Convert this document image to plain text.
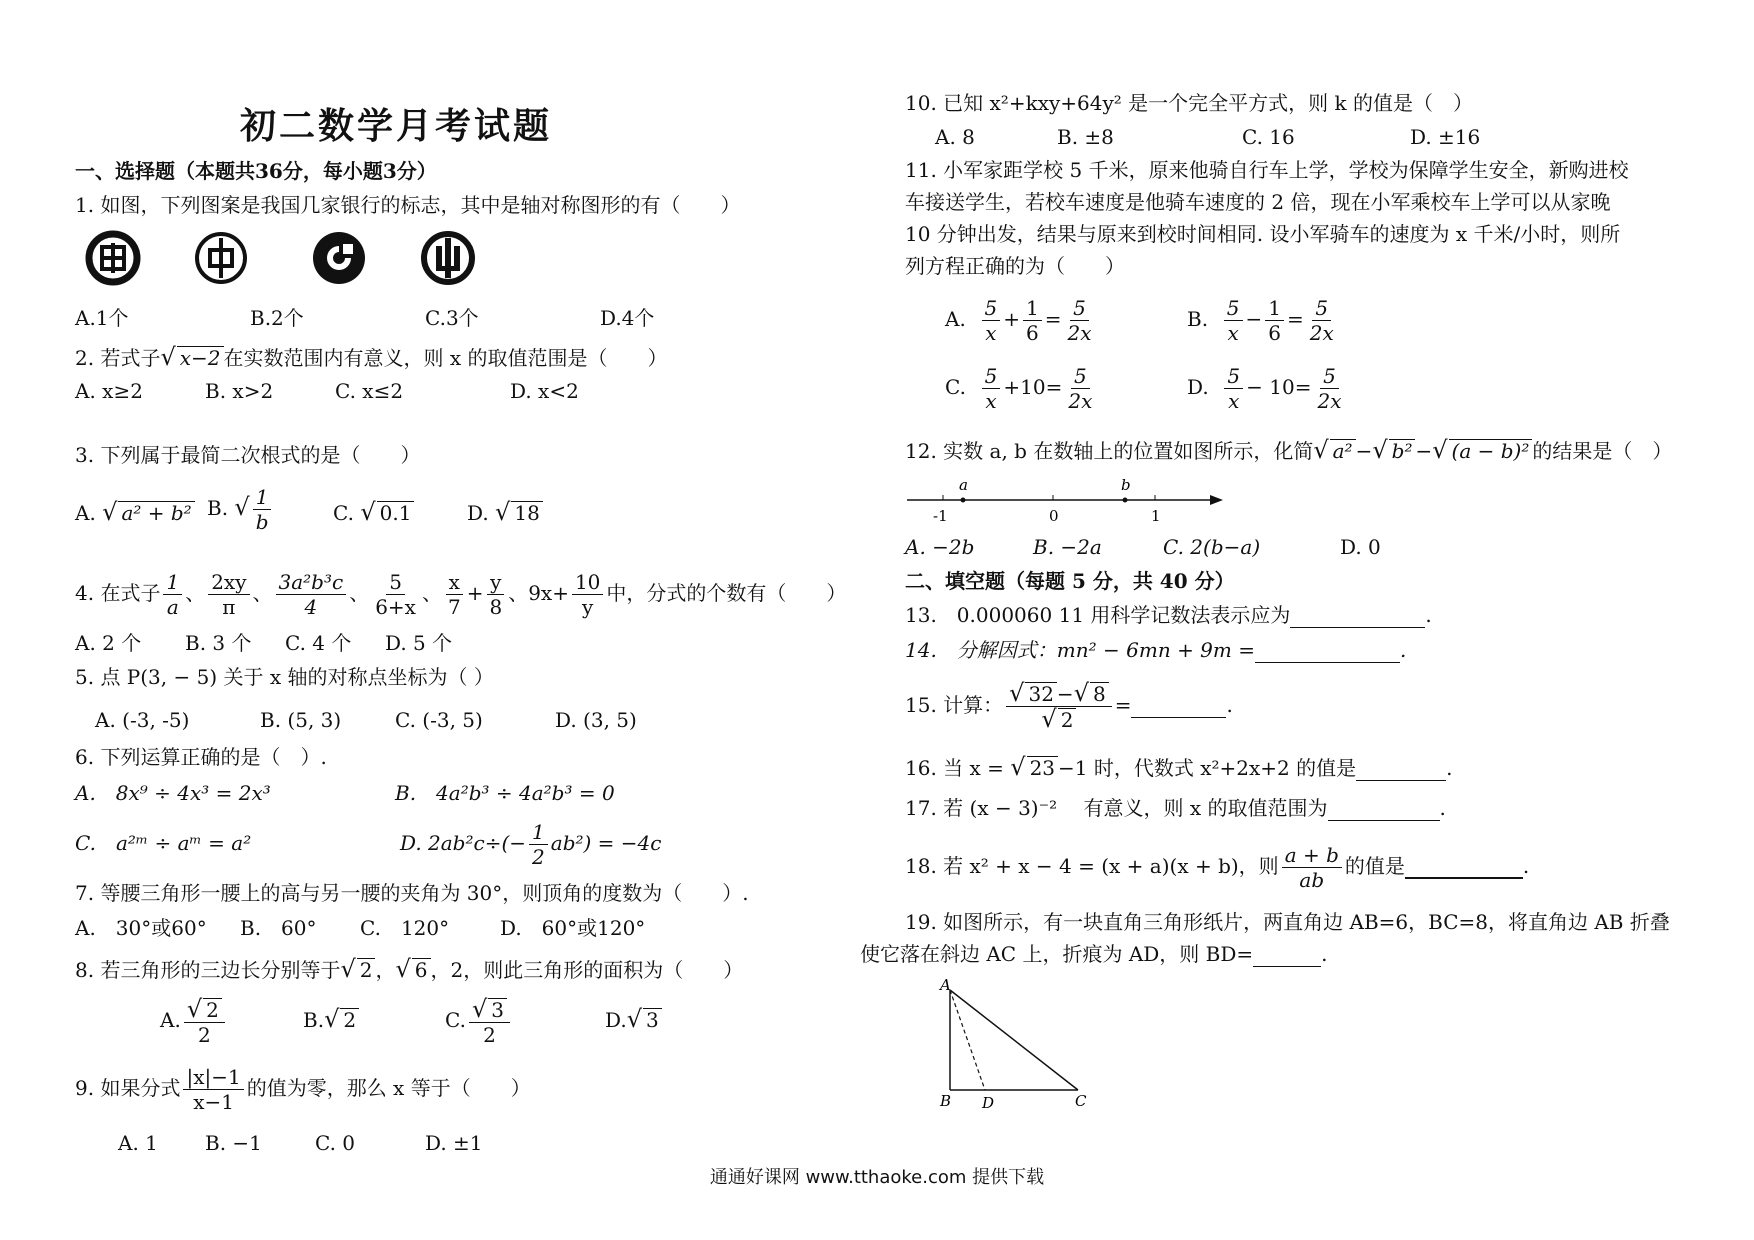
初二数学月考试题
一、选择题（本题共36分，每小题3分）
1. 如图，下列图案是我国几家银行的标志，其中是轴对称图形的有（　　）
A.1个	B.2个	C.3个	D.4个
2. 若式子√ x−2 在实数范围内有意义，则 x 的取值范围是（　　）
A. x≥2	B. x>2	C. x≤2	D. x<2
3. 下列属于最简二次根式的是（　　）
A. √ a² + b² B. √ $\frac{1}{b}$	C. √ 0.1	D. √ 18
4. 在式子 $\frac{1}{a}$ 、 $\frac{2xy}{\pi}$ 、 $\frac{\text{3a²b³c}}{4}$ 、 $\frac{5}{6+x}$ 、 $\frac{x}{7} + \frac{y}{8}$ 、$9x+ \frac{10}{y}$ 中，分式的个数有（　　）
A. 2 个 B. 3 个 C. 4 个 D. 5 个
5. 点 P(3, − 5) 关于 x 轴的对称点坐标为（ ）
A. (-3, -5)	B. (5, 3)	C. (-3, 5)	D. (3, 5)
6. 下列运算正确的是（　）.
A.　8x⁹ ÷ 4x³ = 2x³	B.　4a²b³ ÷ 4a²b³ = 0
C.　a²ᵐ ÷ aᵐ = a²	D. $2ab^2c\div(- \frac{1}{2} ab^2) = -4c$
7. 等腰三角形一腰上的高与另一腰的夹角为 30°，则顶角的度数为（　　）.
A.　30°或60° B.　60° C.　120°	D.　60°或120°
8. 若三角形的三边长分别等于√ 2 ，√ 6 ，2，则此三角形的面积为（　　）
A. $\frac{√ 2}{2}$	B.√ 2	C. $\frac{√ 3}{2}$	D.√ 3
9. 如果分式 $\frac{|x|-1}{x-1}$ 的值为零，那么 x 等于（　　）
A. 1 B. −1	C. 0	D. ±1
10. 已知 x²+kxy+64y² 是一个完全平方式，则 k 的值是（　）
A. 8	B. ±8	C. 16	D. ±16
11. 小军家距学校 5 千米，原来他骑自行车上学，学校为保障学生安全，新购进校
车接送学生，若校车速度是他骑车速度的 2 倍，现在小军乘校车上学可以从家晚
10 分钟出发，结果与原来到校时间相同. 设小军骑车的速度为 x 千米/小时，则所
列方程正确的为（　　）
A. $\frac{5}{x} + \frac{1}{6} = \frac{5}{2x}$	B. $\frac{5}{x} - \frac{1}{6} = \frac{5}{2x}$
C. $\frac{5}{x} +10= \frac{5}{2x}$	D. $\frac{5}{x} - 10= \frac{5}{2x}$
12. 实数 a, b 在数轴上的位置如图所示，化简√ a² −√ b² −√ (a − b)² 的结果是（　）
a	b
-1	0	1
A. −2b	B. −2a	C. 2(b−a)	D. 0
二、填空题（每题 5 分，共 40 分）
13.　0.000060 11 用科学记数法表示应为	.
14.　分解因式：mn² − 6mn + 9m =	.
15. 计算： $\frac{√ 32 -√ 8}{√ 2}$ =	.
16. 当 x = √ 23 −1 时，代数式 x²+2x+2 的值是	.
17. 若 (x − 3)⁻² 　有意义，则 x 的取值范围为	.
18. 若 x² + x − 4 = (x + a)(x + b)，则 $\frac{a + b}{ab}$ 的值是	.
19. 如图所示，有一块直角三角形纸片，两直角边 AB=6，BC=8，将直角边 AB 折叠
使它落在斜边 AC 上，折痕为 AD，则 BD=	.
A
B D	C
通通好课网 www.tthaoke.com 提供下载
